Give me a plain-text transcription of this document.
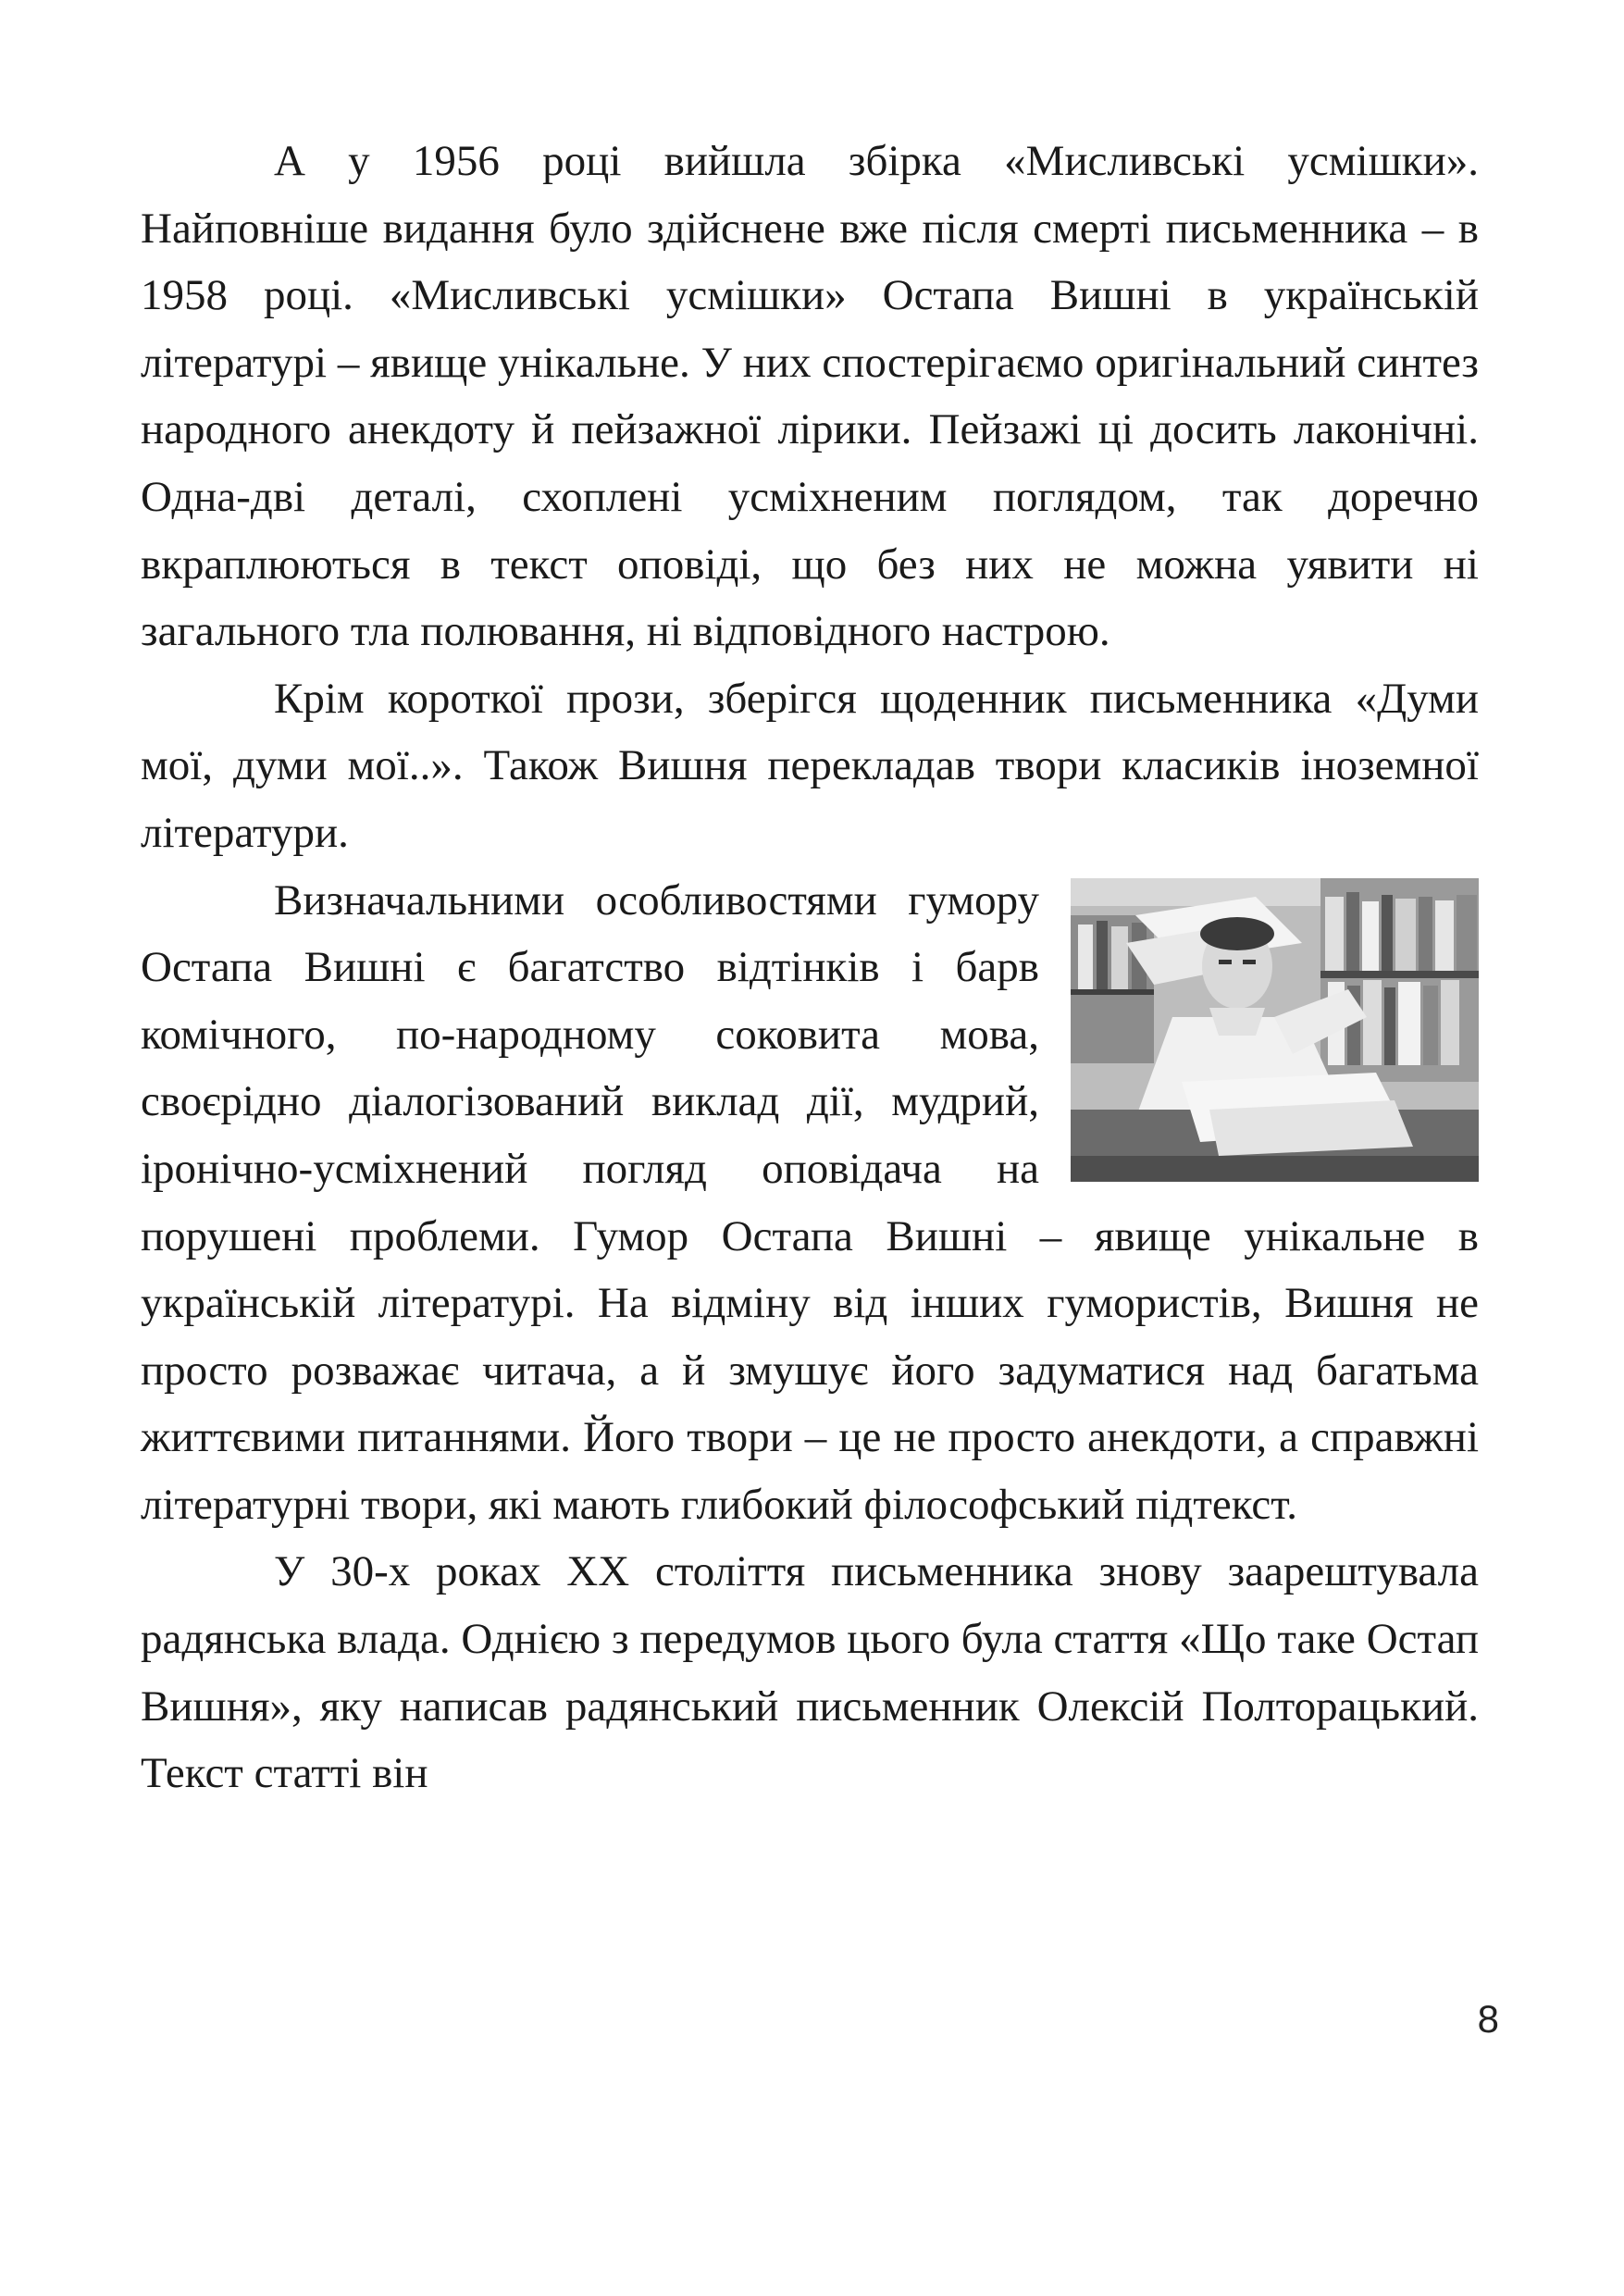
А у 1956 році вийшла збірка «Мисливські усмішки». Найповніше видання було здійснене вже після смерті письменника – в 1958 році. «Мисливські усмішки» Остапа Вишні в українській літературі – явище унікальне. У них спостерігаємо оригінальний синтез народного анекдоту й пейзажної лірики. Пейзажі ці досить лаконічні. Одна-дві деталі, схоплені усміхненим поглядом, так доречно вкраплюються в текст оповіді, що без них не можна уявити ні загального тла полювання, ні відповідного настрою.

Крім короткої прози, зберігся щоденник письменника «Думи мої, думи мої..». Також Вишня перекладав твори класиків іноземної літератури.

Визначальними особливостями гумору Остапа Вишні є багатство відтінків і барв комічного, по-народному соковита мова, своєрідно діалогізований виклад дії, мудрий, іронічно-усміхнений погляд оповідача на порушені проблеми. Гумор Остапа Вишні – явище унікальне в українській літературі. На відміну від інших гумористів, Вишня не просто розважає читача, а й змушує його задуматися над багатьма життєвими питаннями. Його твори – це не просто анекдоти, а справжні літературні твори, які мають глибокий філософський підтекст.

У 30-х роках ХХ століття письменника знову заарештувала радянська влада. Однією з передумов цього була стаття «Що таке Остап Вишня», яку написав радянський письменник Олексій Полторацький. Текст статті він

8
